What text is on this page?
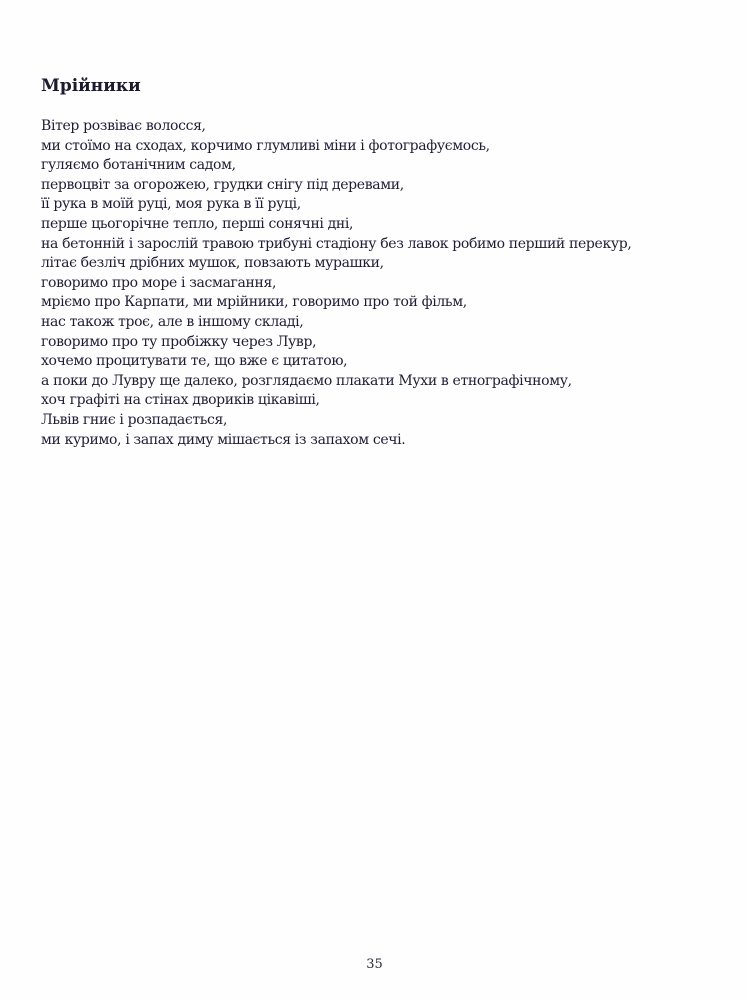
Мрійники
Вітер розвіває волосся,
ми стоїмо на сходах, корчимо глумливі міни і фотографуємось,
гуляємо ботанічним садом,
первоцвіт за огорожею, грудки снігу під деревами,
її рука в моїй руці, моя рука в її руці,
перше цьогорічне тепло, перші сонячні дні,
на бетонній і зарослій травою трибуні стадіону без лавок робимо перший перекур,
літає безліч дрібних мушок, повзають мурашки,
говоримо про море і засмагання,
мріємо про Карпати, ми мрійники, говоримо про той фільм,
нас також троє, але в іншому складі,
говоримо про ту пробіжку через Лувр,
хочемо процитувати те, що вже є цитатою,
а поки до Лувру ще далеко, розглядаємо плакати Мухи в етнографічному,
хоч графіті на стінах двориків цікавіші,
Львів гниє і розпадається,
ми куримо, і запах диму мішається із запахом сечі.
35
